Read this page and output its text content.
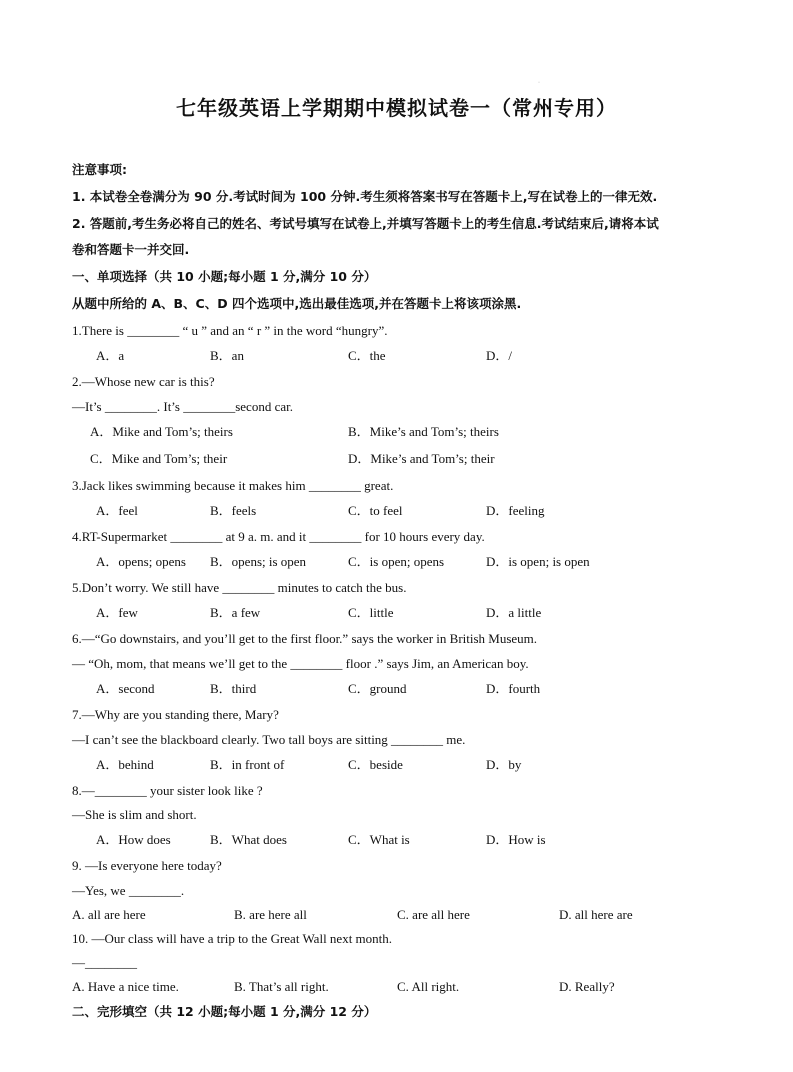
·
七年级英语上学期期中模拟试卷一（常州专用）
注意事项:
1. 本试卷全卷满分为 90 分.考试时间为 100 分钟.考生须将答案书写在答题卡上,写在试卷上的一律无效.
2. 答题前,考生务必将自己的姓名、考试号填写在试卷上,并填写答题卡上的考生信息.考试结束后,请将本试
卷和答题卡一并交回.
一、单项选择（共 10 小题;每小题 1 分,满分 10 分）
从题中所给的 A、B、C、D 四个选项中,选出最佳选项,并在答题卡上将该项涂黑.
1.There is ________ “ u ” and an “ r ” in the word “hungry”.
A．a	B．an	C．the	D．/
2.—Whose new car is this?
—It’s ________. It’s ________second car.
A．Mike and Tom’s; theirs	B．Mike’s and Tom’s; theirs
C．Mike and Tom’s; their	D．Mike’s and Tom’s; their
3.Jack likes swimming because it makes him ________ great.
A．feel	B．feels	C．to feel	D．feeling
4.RT-Supermarket ________ at 9 a. m. and it ________ for 10 hours every day.
A．opens; opens B．opens; is open	C．is open; opens	D．is open; is open
5.Don’t worry. We still have ________ minutes to catch the bus.
A．few	B．a few	C．little	D．a little
6.—“Go downstairs, and you’ll get to the first floor.” says the worker in British Museum.
— “Oh, mom, that means we’ll get to the ________ floor .” says Jim, an American boy.
A．second	B．third	C．ground	D．fourth
7.—Why are you standing there, Mary?
—I can’t see the blackboard clearly. Two tall boys are sitting ________ me.
A．behind	B．in front of	C．beside	D．by
8.—________ your sister look like ?
—She is slim and short.
A．How does	B．What does	C．What is	D．How is
9. —Is everyone here today?
—Yes, we ________.
A. all are here	B. are here all	C. are all here	D. all here are
10. —Our class will have a trip to the Great Wall next month.
—________
A. Have a nice time.	B. That’s all right.	C. All right.	D. Really?
二、完形填空（共 12 小题;每小题 1 分,满分 12 分）
